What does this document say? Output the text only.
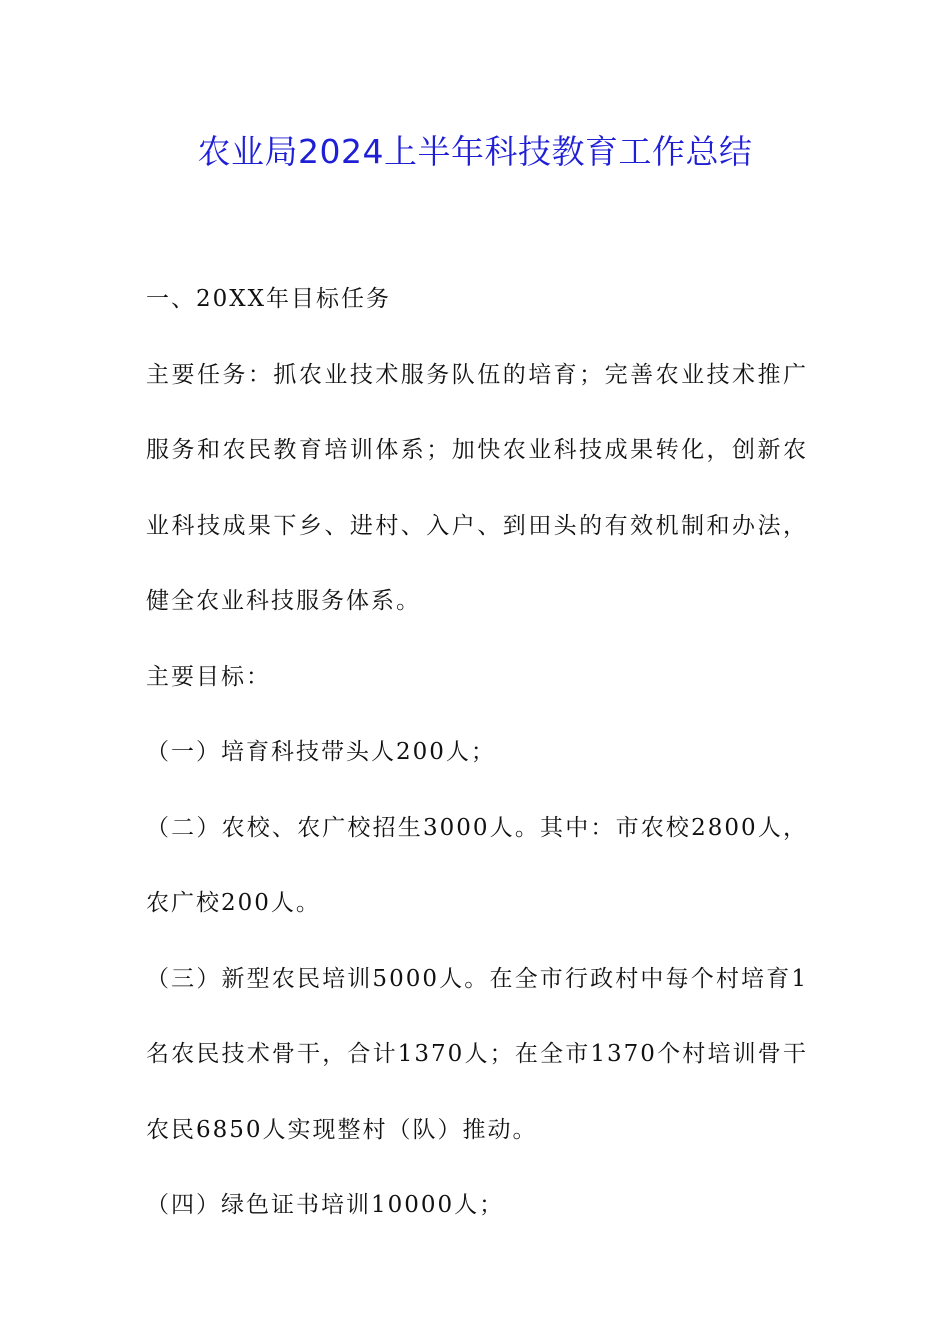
农业局2024上半年科技教育工作总结

一、20XX年目标任务

主要任务：抓农业技术服务队伍的培育；完善农业技术推广服务和农民教育培训体系；加快农业科技成果转化，创新农业科技成果下乡、进村、入户、到田头的有效机制和办法，健全农业科技服务体系。

主要目标：

（一）培育科技带头人200人；

（二）农校、农广校招生3000人。其中：市农校2800人，农广校200人。

（三）新型农民培训5000人。在全市行政村中每个村培育1名农民技术骨干，合计1370人；在全市1370个村培训骨干农民6850人实现整村（队）推动。

（四）绿色证书培训10000人；
